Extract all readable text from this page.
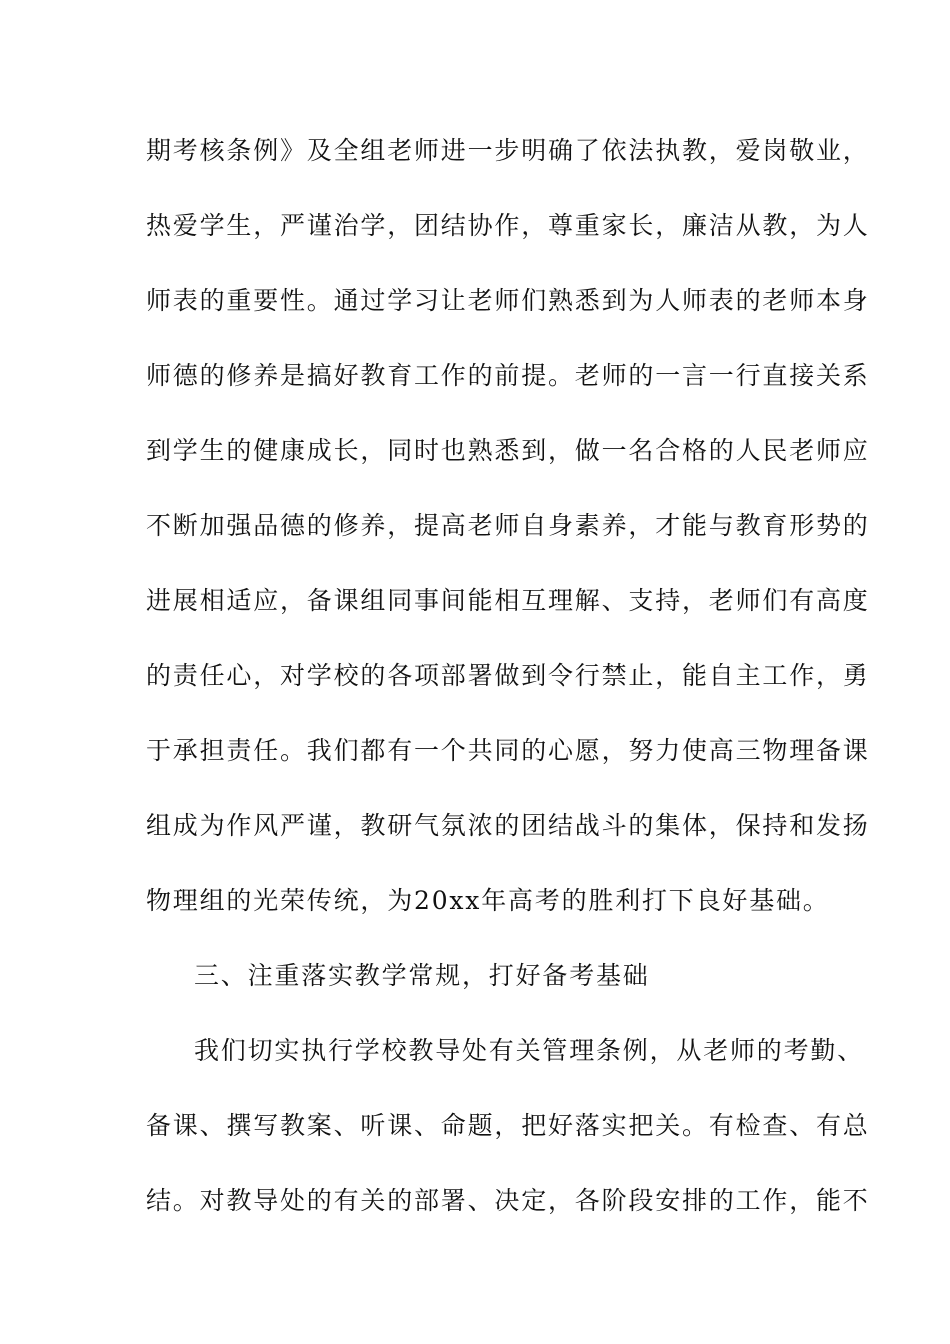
期考核条例》及全组老师进一步明确了依法执教，爱岗敬业，
热爱学生，严谨治学，团结协作，尊重家长，廉洁从教，为人
师表的重要性。通过学习让老师们熟悉到为人师表的老师本身
师德的修养是搞好教育工作的前提。老师的一言一行直接关系
到学生的健康成长，同时也熟悉到，做一名合格的人民老师应
不断加强品德的修养，提高老师自身素养，才能与教育形势的
进展相适应，备课组同事间能相互理解、支持，老师们有高度
的责任心，对学校的各项部署做到令行禁止，能自主工作，勇
于承担责任。我们都有一个共同的心愿，努力使高三物理备课
组成为作风严谨，教研气氛浓的团结战斗的集体，保持和发扬
物理组的光荣传统，为20xx年高考的胜利打下良好基础。
三、注重落实教学常规，打好备考基础
我们切实执行学校教导处有关管理条例，从老师的考勤、
备课、撰写教案、听课、命题，把好落实把关。有检查、有总
结。对教导处的有关的部署、决定，各阶段安排的工作，能不
